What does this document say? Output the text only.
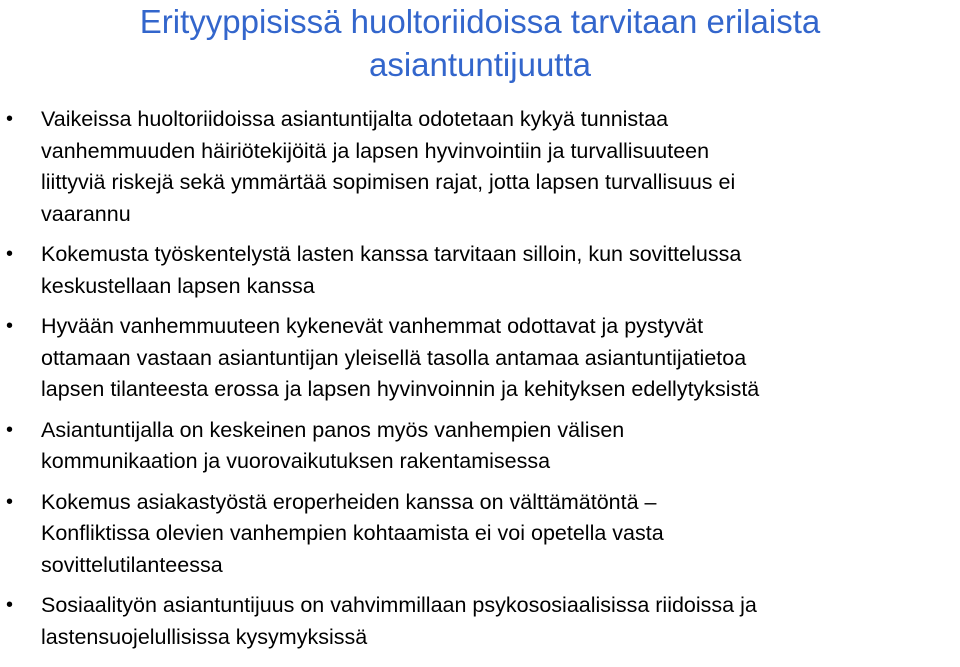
Erityyppisissä huoltoriidoissa tarvitaan erilaista
asiantuntijuutta
• Vaikeissa huoltoriidoissa asiantuntijalta odotetaan kykyä tunnistaa
vanhemmuuden häiriötekijöitä ja lapsen hyvinvointiin ja turvallisuuteen
liittyviä riskejä sekä ymmärtää sopimisen rajat, jotta lapsen turvallisuus ei
vaarannu
• Kokemusta työskentelystä lasten kanssa tarvitaan silloin, kun sovittelussa
keskustellaan lapsen kanssa
• Hyvään vanhemmuuteen kykenevät vanhemmat odottavat ja pystyvät
ottamaan vastaan asiantuntijan yleisellä tasolla antamaa asiantuntijatietoa
lapsen tilanteesta erossa ja lapsen hyvinvoinnin ja kehityksen edellytyksistä
• Asiantuntijalla on keskeinen panos myös vanhempien välisen
kommunikaation ja vuorovaikutuksen rakentamisessa
• Kokemus asiakastyöstä eroperheiden kanssa on välttämätöntä –
Konfliktissa olevien vanhempien kohtaamista ei voi opetella vasta
sovittelutilanteessa
• Sosiaalityön asiantuntijuus on vahvimmillaan psykososiaalisissa riidoissa ja
lastensuojelullisissa kysymyksissä
